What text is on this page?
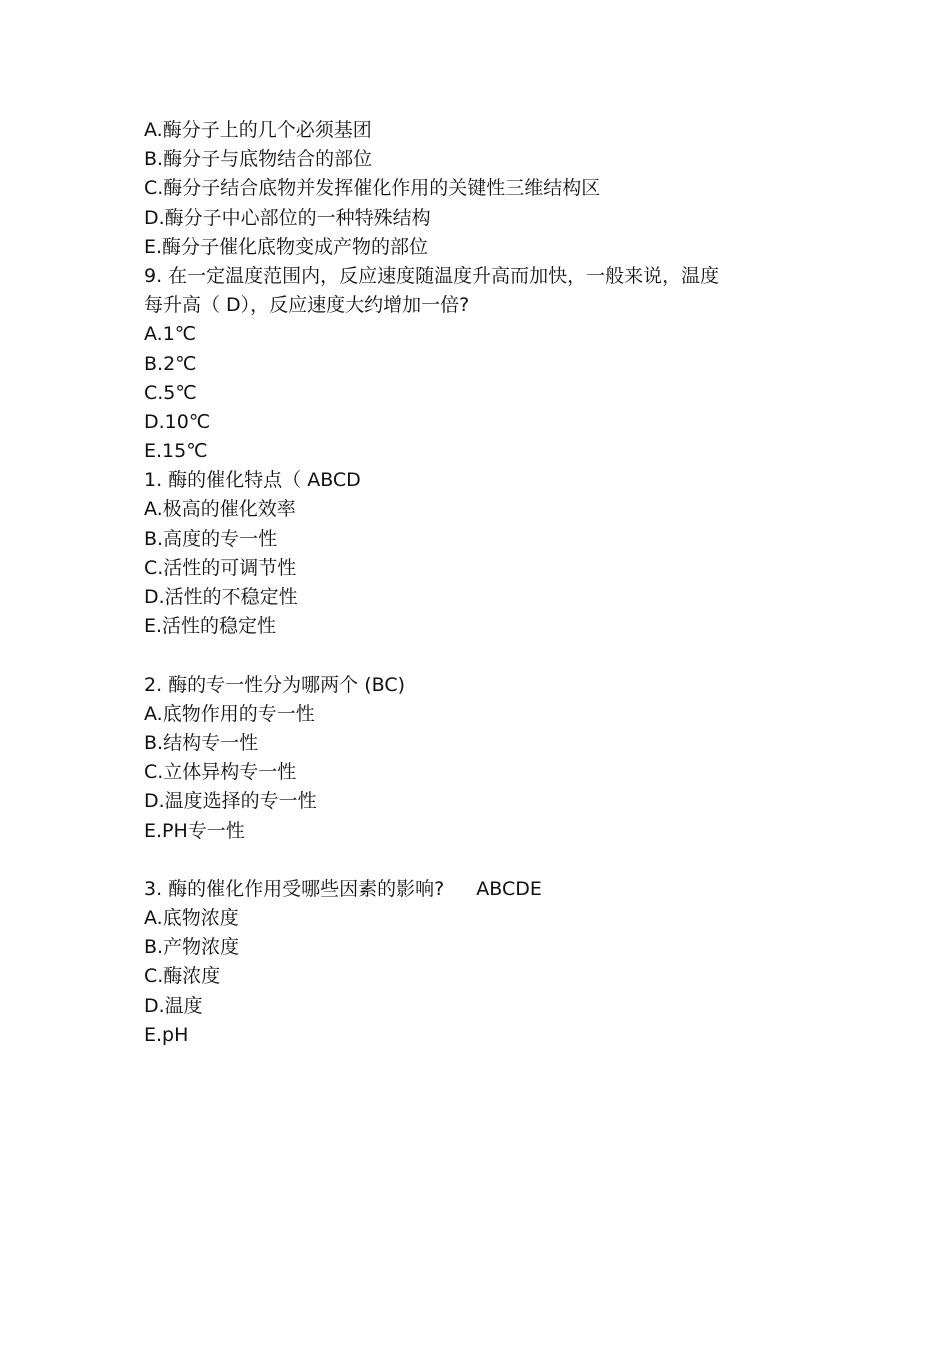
A.酶分子上的几个必须基团
B.酶分子与底物结合的部位
C.酶分子结合底物并发挥催化作用的关键性三维结构区
D.酶分子中心部位的一种特殊结构
E.酶分子催化底物变成产物的部位
9. 在一定温度范围内，反应速度随温度升高而加快，一般来说，温度
每升高（ D），反应速度大约增加一倍?
A.1℃
B.2℃
C.5℃
D.10℃
E.15℃
1. 酶的催化特点（ ABCD
A.极高的催化效率
B.高度的专一性
C.活性的可调节性
D.活性的不稳定性
E.活性的稳定性
2. 酶的专一性分为哪两个 (BC)
A.底物作用的专一性
B.结构专一性
C.立体异构专一性
D.温度选择的专一性
E.PH专一性
3. 酶的催化作用受哪些因素的影响? ABCDE
A.底物浓度
B.产物浓度
C.酶浓度
D.温度
E.pH
